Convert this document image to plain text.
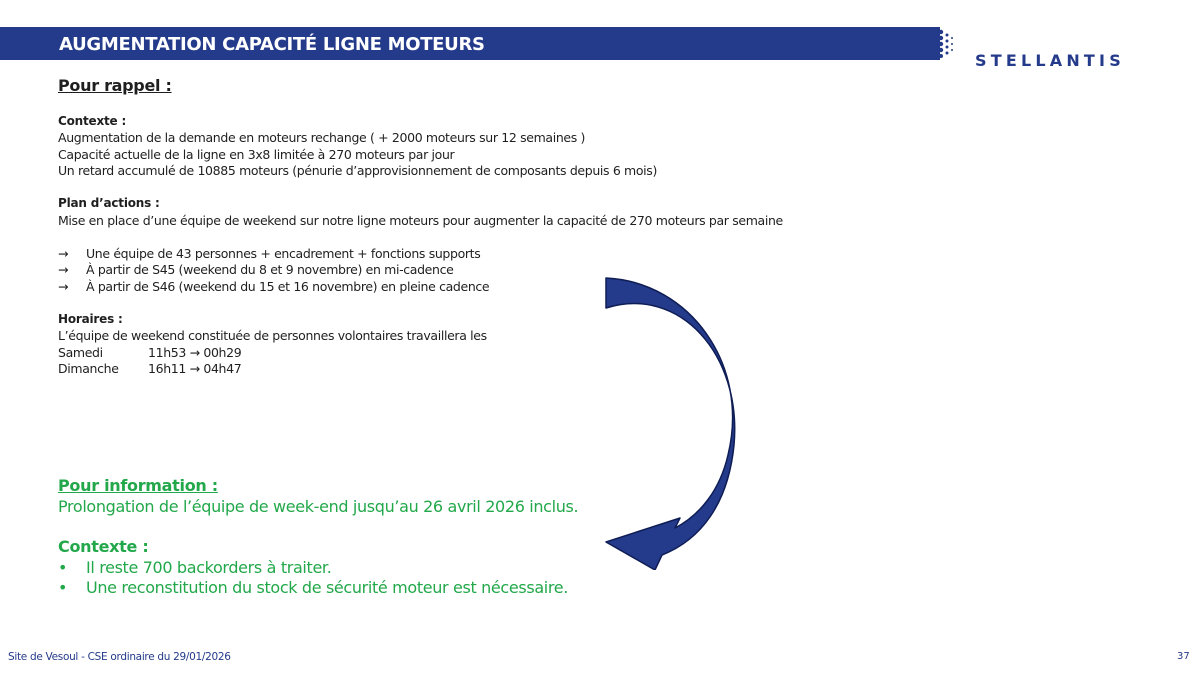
AUGMENTATION CAPACITÉ LIGNE MOTEURS
STELLANTIS
Pour rappel :
Contexte :
Augmentation de la demande en moteurs rechange ( + 2000 moteurs sur 12 semaines )
Capacité actuelle de la ligne en 3x8 limitée à 270 moteurs par jour
Un retard accumulé de 10885 moteurs (pénurie d’approvisionnement de composants depuis 6 mois)
Plan d’actions :
Mise en place d’une équipe de weekend sur notre ligne moteurs pour augmenter la capacité de 270 moteurs par semaine
→ Une équipe de 43 personnes + encadrement + fonctions supports
→ À partir de S45 (weekend du 8 et 9 novembre) en mi-cadence
→ À partir de S46 (weekend du 15 et 16 novembre) en pleine cadence
Horaires :
L’équipe de weekend constituée de personnes volontaires travaillera les
Samedi	11h53 → 00h29
Dimanche 16h11 → 04h47
Pour information :
Prolongation de l’équipe de week-end jusqu’au 26 avril 2026 inclus.
Contexte :
• Il reste 700 backorders à traiter.
• Une reconstitution du stock de sécurité moteur est nécessaire.
Site de Vesoul - CSE ordinaire du 29/01/2026	37
